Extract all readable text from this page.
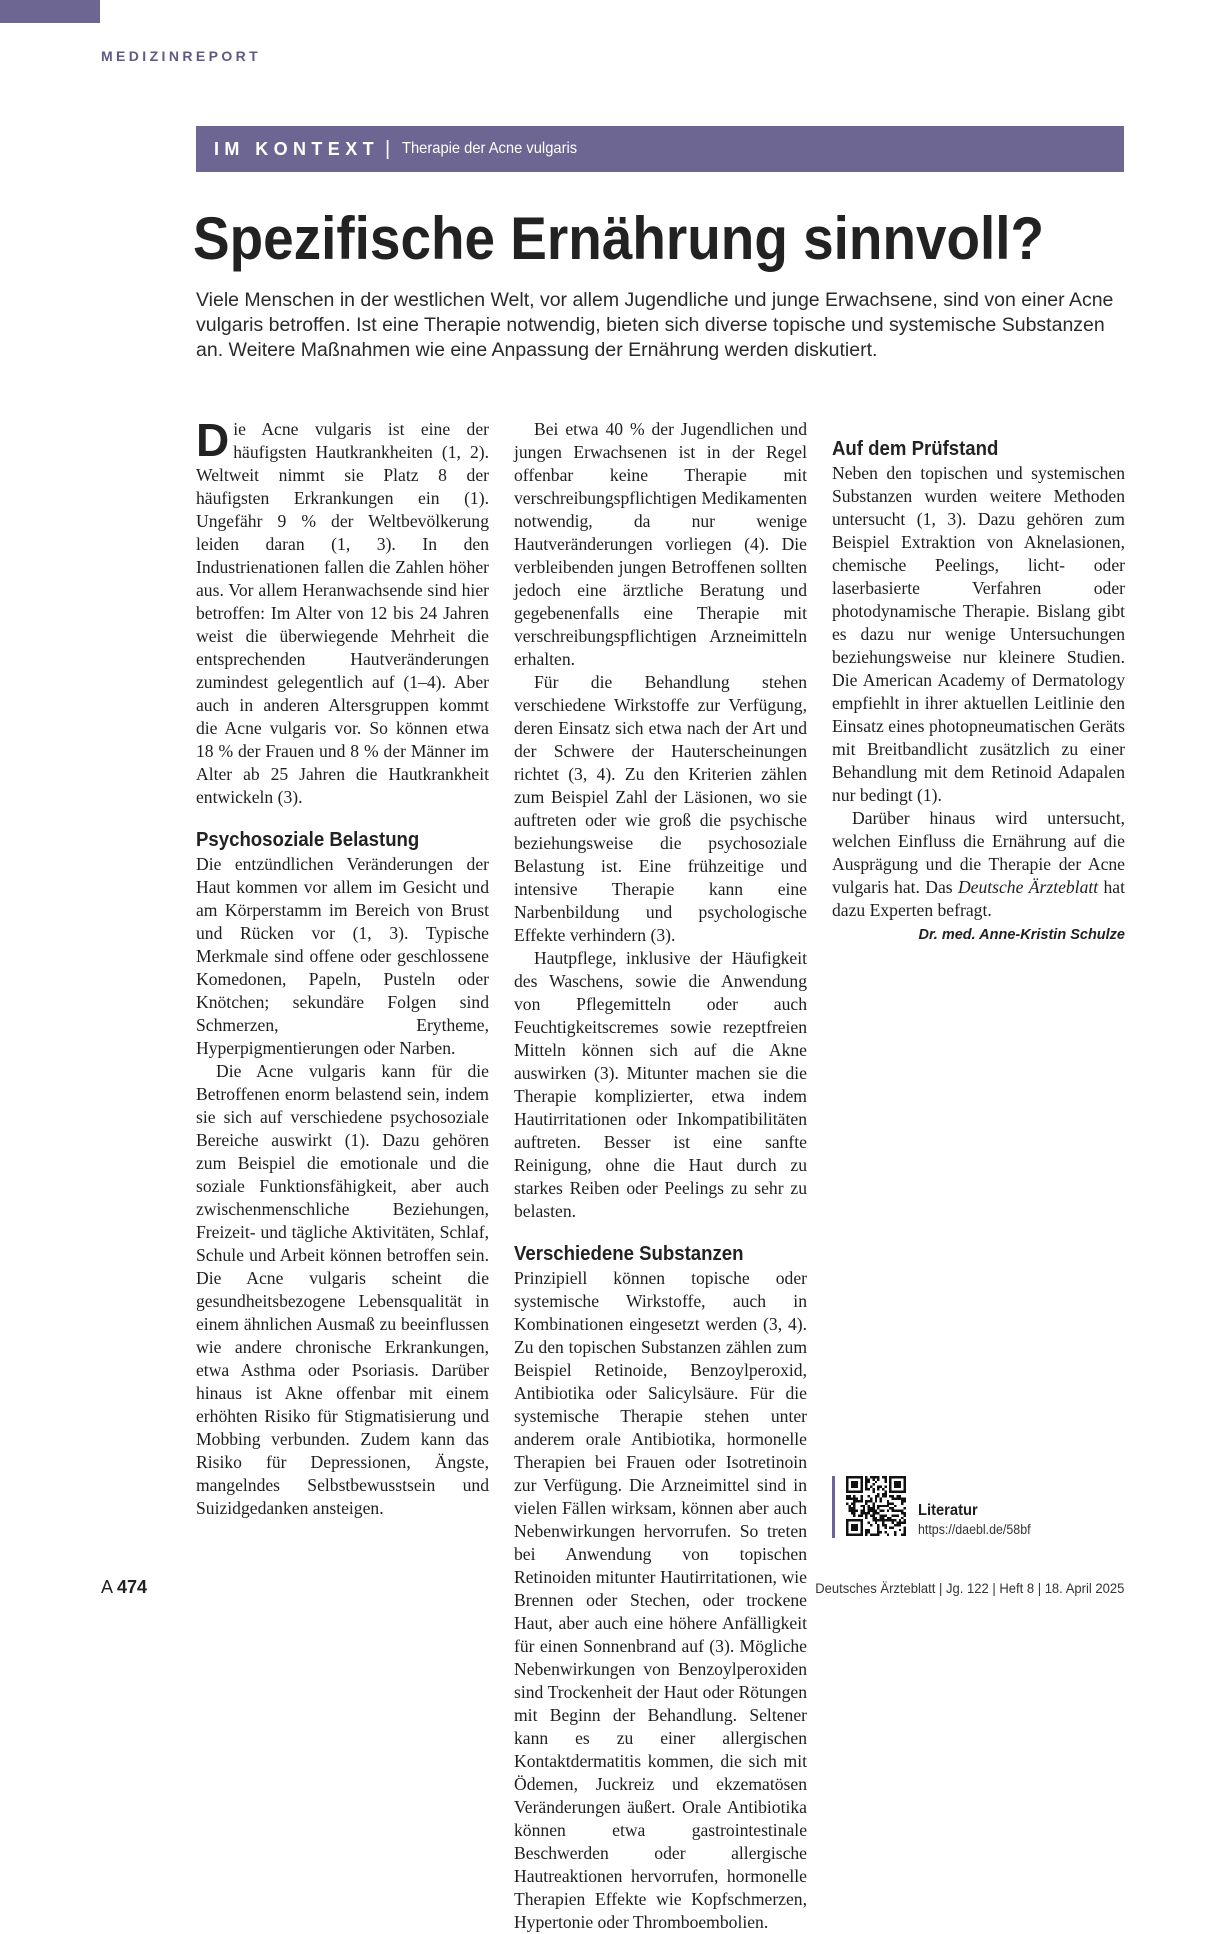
MEDIZINREPORT
IM KONTEXT | Therapie der Acne vulgaris
Spezifische Ernährung sinnvoll?

Viele Menschen in der westlichen Welt, vor allem Jugendliche und junge Erwachsene, sind von einer Acne vulgaris betroffen. Ist eine Therapie notwendig, bieten sich diverse topische und systemische Substanzen an. Weitere Maßnahmen wie eine Anpassung der Ernährung werden diskutiert.

Die Acne vulgaris ist eine der häufigsten Hautkrankheiten (1, 2). Weltweit nimmt sie Platz 8 der häufigsten Erkrankungen ein (1). Ungefähr 9 % der Weltbevölkerung leiden daran (1, 3). In den Industrienationen fallen die Zahlen höher aus. Vor allem Heranwachsende sind hier betroffen: Im Alter von 12 bis 24 Jahren weist die überwiegende Mehrheit die entsprechenden Hautveränderungen zumindest gelegentlich auf (1–4). Aber auch in anderen Altersgruppen kommt die Acne vulgaris vor. So können etwa 18 % der Frauen und 8 % der Männer im Alter ab 25 Jahren die Hautkrankheit entwickeln (3).

Psychosoziale Belastung

Die entzündlichen Veränderungen der Haut kommen vor allem im Gesicht und am Körperstamm im Bereich von Brust und Rücken vor (1, 3). Typische Merkmale sind offene oder geschlossene Komedonen, Papeln, Pusteln oder Knötchen; sekundäre Folgen sind Schmerzen, Erytheme, Hyperpigmentierungen oder Narben.

Die Acne vulgaris kann für die Betroffenen enorm belastend sein, indem sie sich auf verschiedene psychosoziale Bereiche auswirkt (1). Dazu gehören zum Beispiel die emotionale und die soziale Funktionsfähigkeit, aber auch zwischenmenschliche Beziehungen, Freizeit- und tägliche Aktivitäten, Schlaf, Schule und Arbeit können betroffen sein. Die Acne vulgaris scheint die gesundheitsbezogene Lebensqualität in einem ähnlichen Ausmaß zu beeinflussen wie andere chronische Erkrankungen, etwa Asthma oder Psoriasis. Darüber hinaus ist Akne offenbar mit einem erhöhten Risiko für Stigmatisierung und Mobbing verbunden. Zudem kann das Risiko für Depressionen, Ängste, mangelndes Selbstbewusstsein und Suizidgedanken ansteigen.

Bei etwa 40 % der Jugendlichen und jungen Erwachsenen ist in der Regel offenbar keine Therapie mit verschreibungspflichtigen Medikamenten notwendig, da nur wenige Hautveränderungen vorliegen (4). Die verbleibenden jungen Betroffenen sollten jedoch eine ärztliche Beratung und gegebenenfalls eine Therapie mit verschreibungspflichtigen Arzneimitteln erhalten.

Für die Behandlung stehen verschiedene Wirkstoffe zur Verfügung, deren Einsatz sich etwa nach der Art und der Schwere der Hauterscheinungen richtet (3, 4). Zu den Kriterien zählen zum Beispiel Zahl der Läsionen, wo sie auftreten oder wie groß die psychische beziehungsweise die psychosoziale Belastung ist. Eine frühzeitige und intensive Therapie kann eine Narbenbildung und psychologische Effekte verhindern (3).

Hautpflege, inklusive der Häufigkeit des Waschens, sowie die Anwendung von Pflegemitteln oder auch Feuchtigkeitscremes sowie rezeptfreien Mitteln können sich auf die Akne auswirken (3). Mitunter machen sie die Therapie komplizierter, etwa indem Hautirritationen oder Inkompatibilitäten auftreten. Besser ist eine sanfte Reinigung, ohne die Haut durch zu starkes Reiben oder Peelings zu sehr zu belasten.

Verschiedene Substanzen

Prinzipiell können topische oder systemische Wirkstoffe, auch in Kombinationen eingesetzt werden (3, 4). Zu den topischen Substanzen zählen zum Beispiel Retinoide, Benzoylperoxid, Antibiotika oder Salicylsäure. Für die systemische Therapie stehen unter anderem orale Antibiotika, hormonelle Therapien bei Frauen oder Isotretinoin zur Verfügung. Die Arzneimittel sind in vielen Fällen wirksam, können aber auch Nebenwirkungen hervorrufen. So treten bei Anwendung von topischen Retinoiden mitunter Hautirritationen, wie Brennen oder Stechen, oder trockene Haut, aber auch eine höhere Anfälligkeit für einen Sonnenbrand auf (3). Mögliche Nebenwirkungen von Benzoylperoxiden sind Trockenheit der Haut oder Rötungen mit Beginn der Behandlung. Seltener kann es zu einer allergischen Kontaktdermatitis kommen, die sich mit Ödemen, Juckreiz und ekzematösen Veränderungen äußert. Orale Antibiotika können etwa gastrointestinale Beschwerden oder allergische Hautreaktionen hervorrufen, hormonelle Therapien Effekte wie Kopfschmerzen, Hypertonie oder Thromboembolien.

Auf dem Prüfstand

Neben den topischen und systemischen Substanzen wurden weitere Methoden untersucht (1, 3). Dazu gehören zum Beispiel Extraktion von Aknelasionen, chemische Peelings, licht- oder laserbasierte Verfahren oder photodynamische Therapie. Bislang gibt es dazu nur wenige Untersuchungen beziehungsweise nur kleinere Studien. Die American Academy of Dermatology empfiehlt in ihrer aktuellen Leitlinie den Einsatz eines photopneumatischen Geräts mit Breitbandlicht zusätzlich zu einer Behandlung mit dem Retinoid Adapalen nur bedingt (1).

Darüber hinaus wird untersucht, welchen Einfluss die Ernährung auf die Ausprägung und die Therapie der Acne vulgaris hat. Das Deutsche Ärzteblatt hat dazu Experten befragt.

Dr. med. Anne-Kristin Schulze

Literatur
https://daebl.de/58bf
A 474	Deutsches Ärzteblatt | Jg. 122 | Heft 8 | 18. April 2025
